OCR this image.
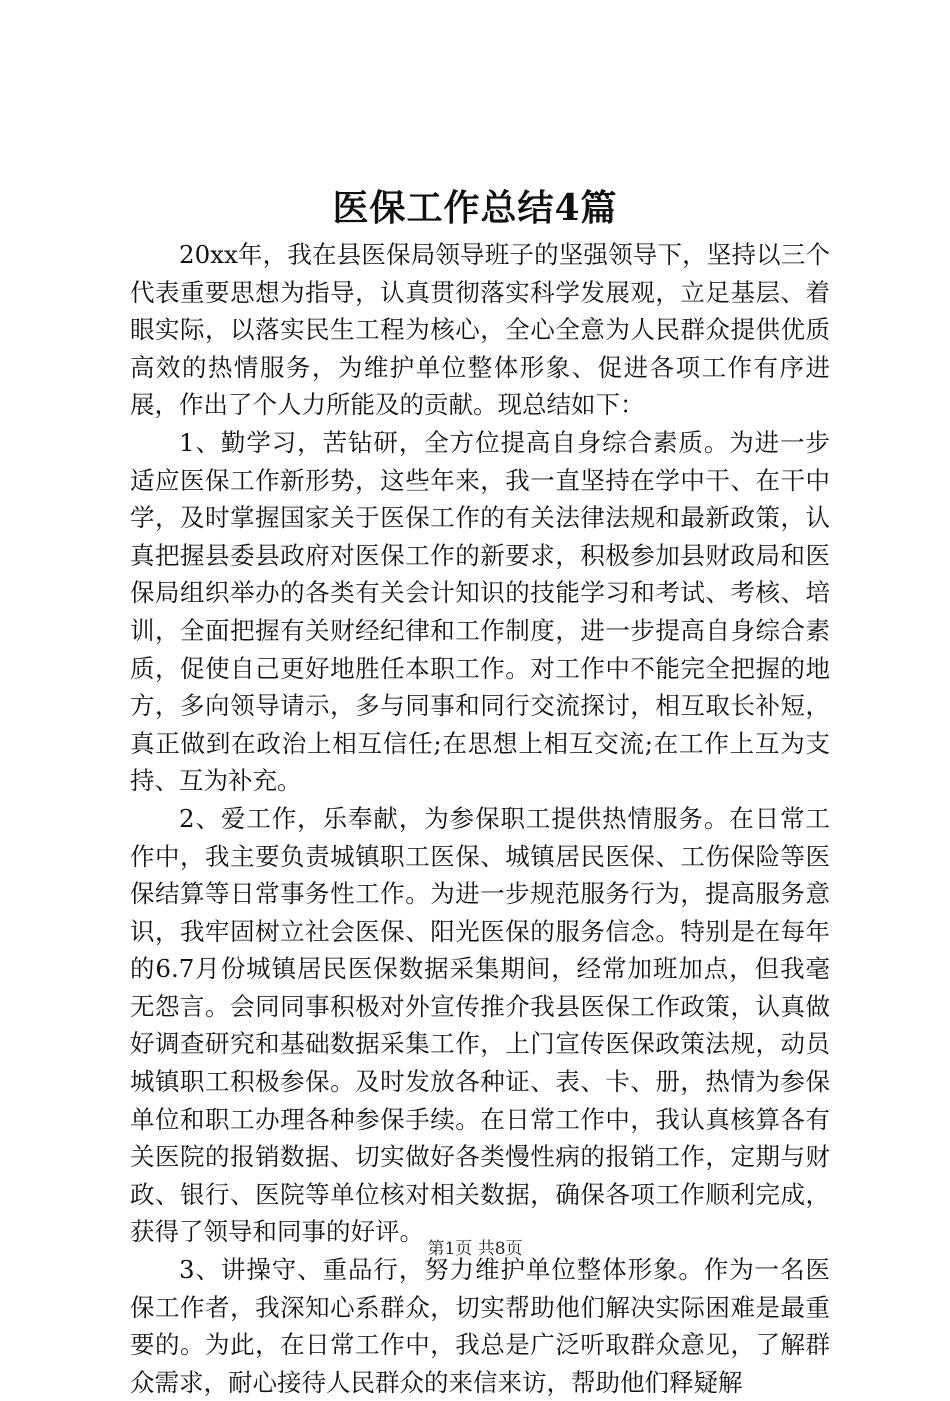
医保工作总结4篇

20xx年，我在县医保局领导班子的坚强领导下，坚持以三个代表重要思想为指导，认真贯彻落实科学发展观，立足基层、着眼实际，以落实民生工程为核心，全心全意为人民群众提供优质高效的热情服务，为维护单位整体形象、促进各项工作有序进展，作出了个人力所能及的贡献。现总结如下：

1、勤学习，苦钻研，全方位提高自身综合素质。为进一步适应医保工作新形势，这些年来，我一直坚持在学中干、在干中学，及时掌握国家关于医保工作的有关法律法规和最新政策，认真把握县委县政府对医保工作的新要求，积极参加县财政局和医保局组织举办的各类有关会计知识的技能学习和考试、考核、培训，全面把握有关财经纪律和工作制度，进一步提高自身综合素质，促使自己更好地胜任本职工作。对工作中不能完全把握的地方，多向领导请示，多与同事和同行交流探讨，相互取长补短，真正做到在政治上相互信任;在思想上相互交流;在工作上互为支持、互为补充。

2、爱工作，乐奉献，为参保职工提供热情服务。在日常工作中，我主要负责城镇职工医保、城镇居民医保、工伤保险等医保结算等日常事务性工作。为进一步规范服务行为，提高服务意识，我牢固树立社会医保、阳光医保的服务信念。特别是在每年的6.7月份城镇居民医保数据采集期间，经常加班加点，但我毫无怨言。会同同事积极对外宣传推介我县医保工作政策，认真做好调查研究和基础数据采集工作，上门宣传医保政策法规，动员城镇职工积极参保。及时发放各种证、表、卡、册，热情为参保单位和职工办理各种参保手续。在日常工作中，我认真核算各有关医院的报销数据、切实做好各类慢性病的报销工作，定期与财政、银行、医院等单位核对相关数据，确保各项工作顺利完成，获得了领导和同事的好评。

3、讲操守、重品行，努力维护单位整体形象。作为一名医保工作者，我深知心系群众，切实帮助他们解决实际困难是最重要的。为此，在日常工作中，我总是广泛听取群众意见，了解群众需求，耐心接待人民群众的来信来访，帮助他们释疑解

第1页 共8页
